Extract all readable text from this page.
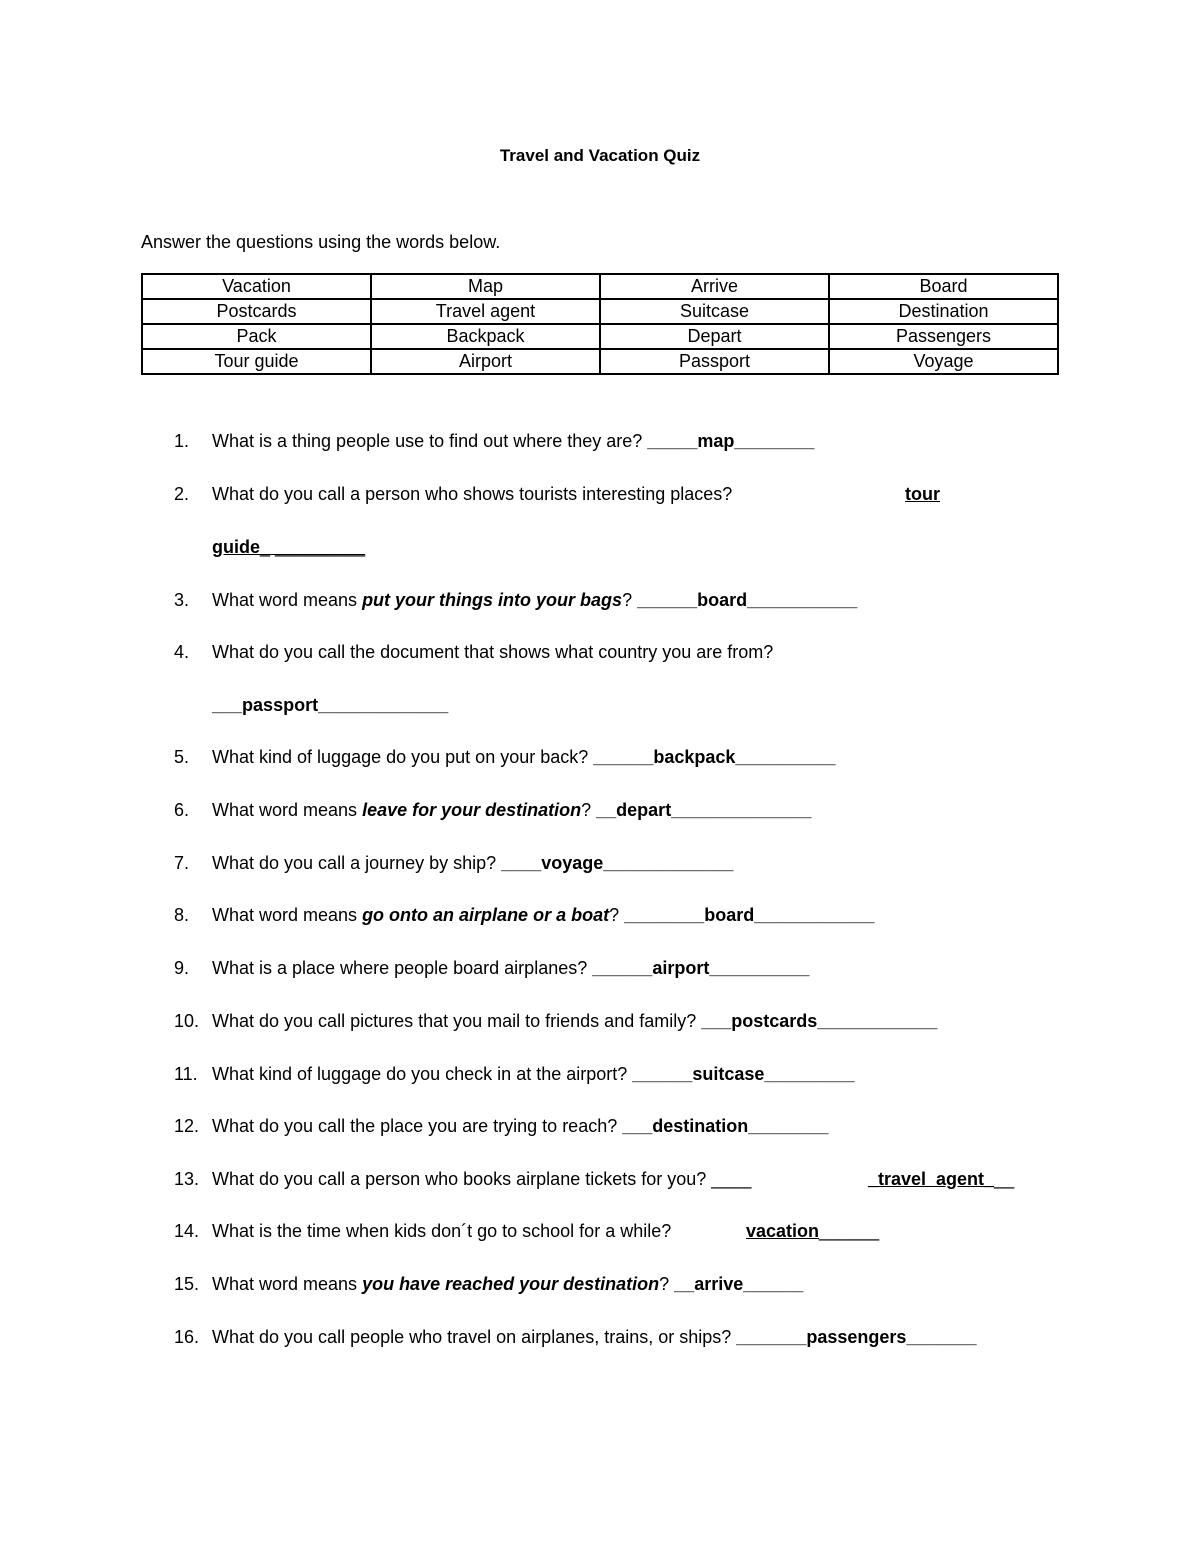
Travel and Vacation Quiz
Answer the questions using the words below.
Vacation	Map	Arrive	Board
Postcards	Travel agent	Suitcase	Destination
Pack	Backpack	Depart	Passengers
Tour guide	Airport	Passport	Voyage
1. What is a thing people use to find out where they are? _____map________
2. What do you call a person who shows tourists interesting places?	tour
guide_ _________
3. What word means put your things into your bags? ______board___________
4. What do you call the document that shows what country you are from?
___passport_____________
5. What kind of luggage do you put on your back? ______backpack__________
6. What word means leave for your destination? __depart______________
7. What do you call a journey by ship? ____voyage_____________
8. What word means go onto an airplane or a boat? ________board____________
9. What is a place where people board airplanes? ______airport__________
10. What do you call pictures that you mail to friends and family? ___postcards____________
11. What kind of luggage do you check in at the airport? ______suitcase_________
12. What do you call the place you are trying to reach? ___destination________
13. What do you call a person who books airplane tickets for you? ____	_travel  agent___
14. What is the time when kids don´t go to school for a while?	vacation______
15. What word means you have reached your destination? __arrive______
16. What do you call people who travel on airplanes, trains, or ships? _______passengers_______
